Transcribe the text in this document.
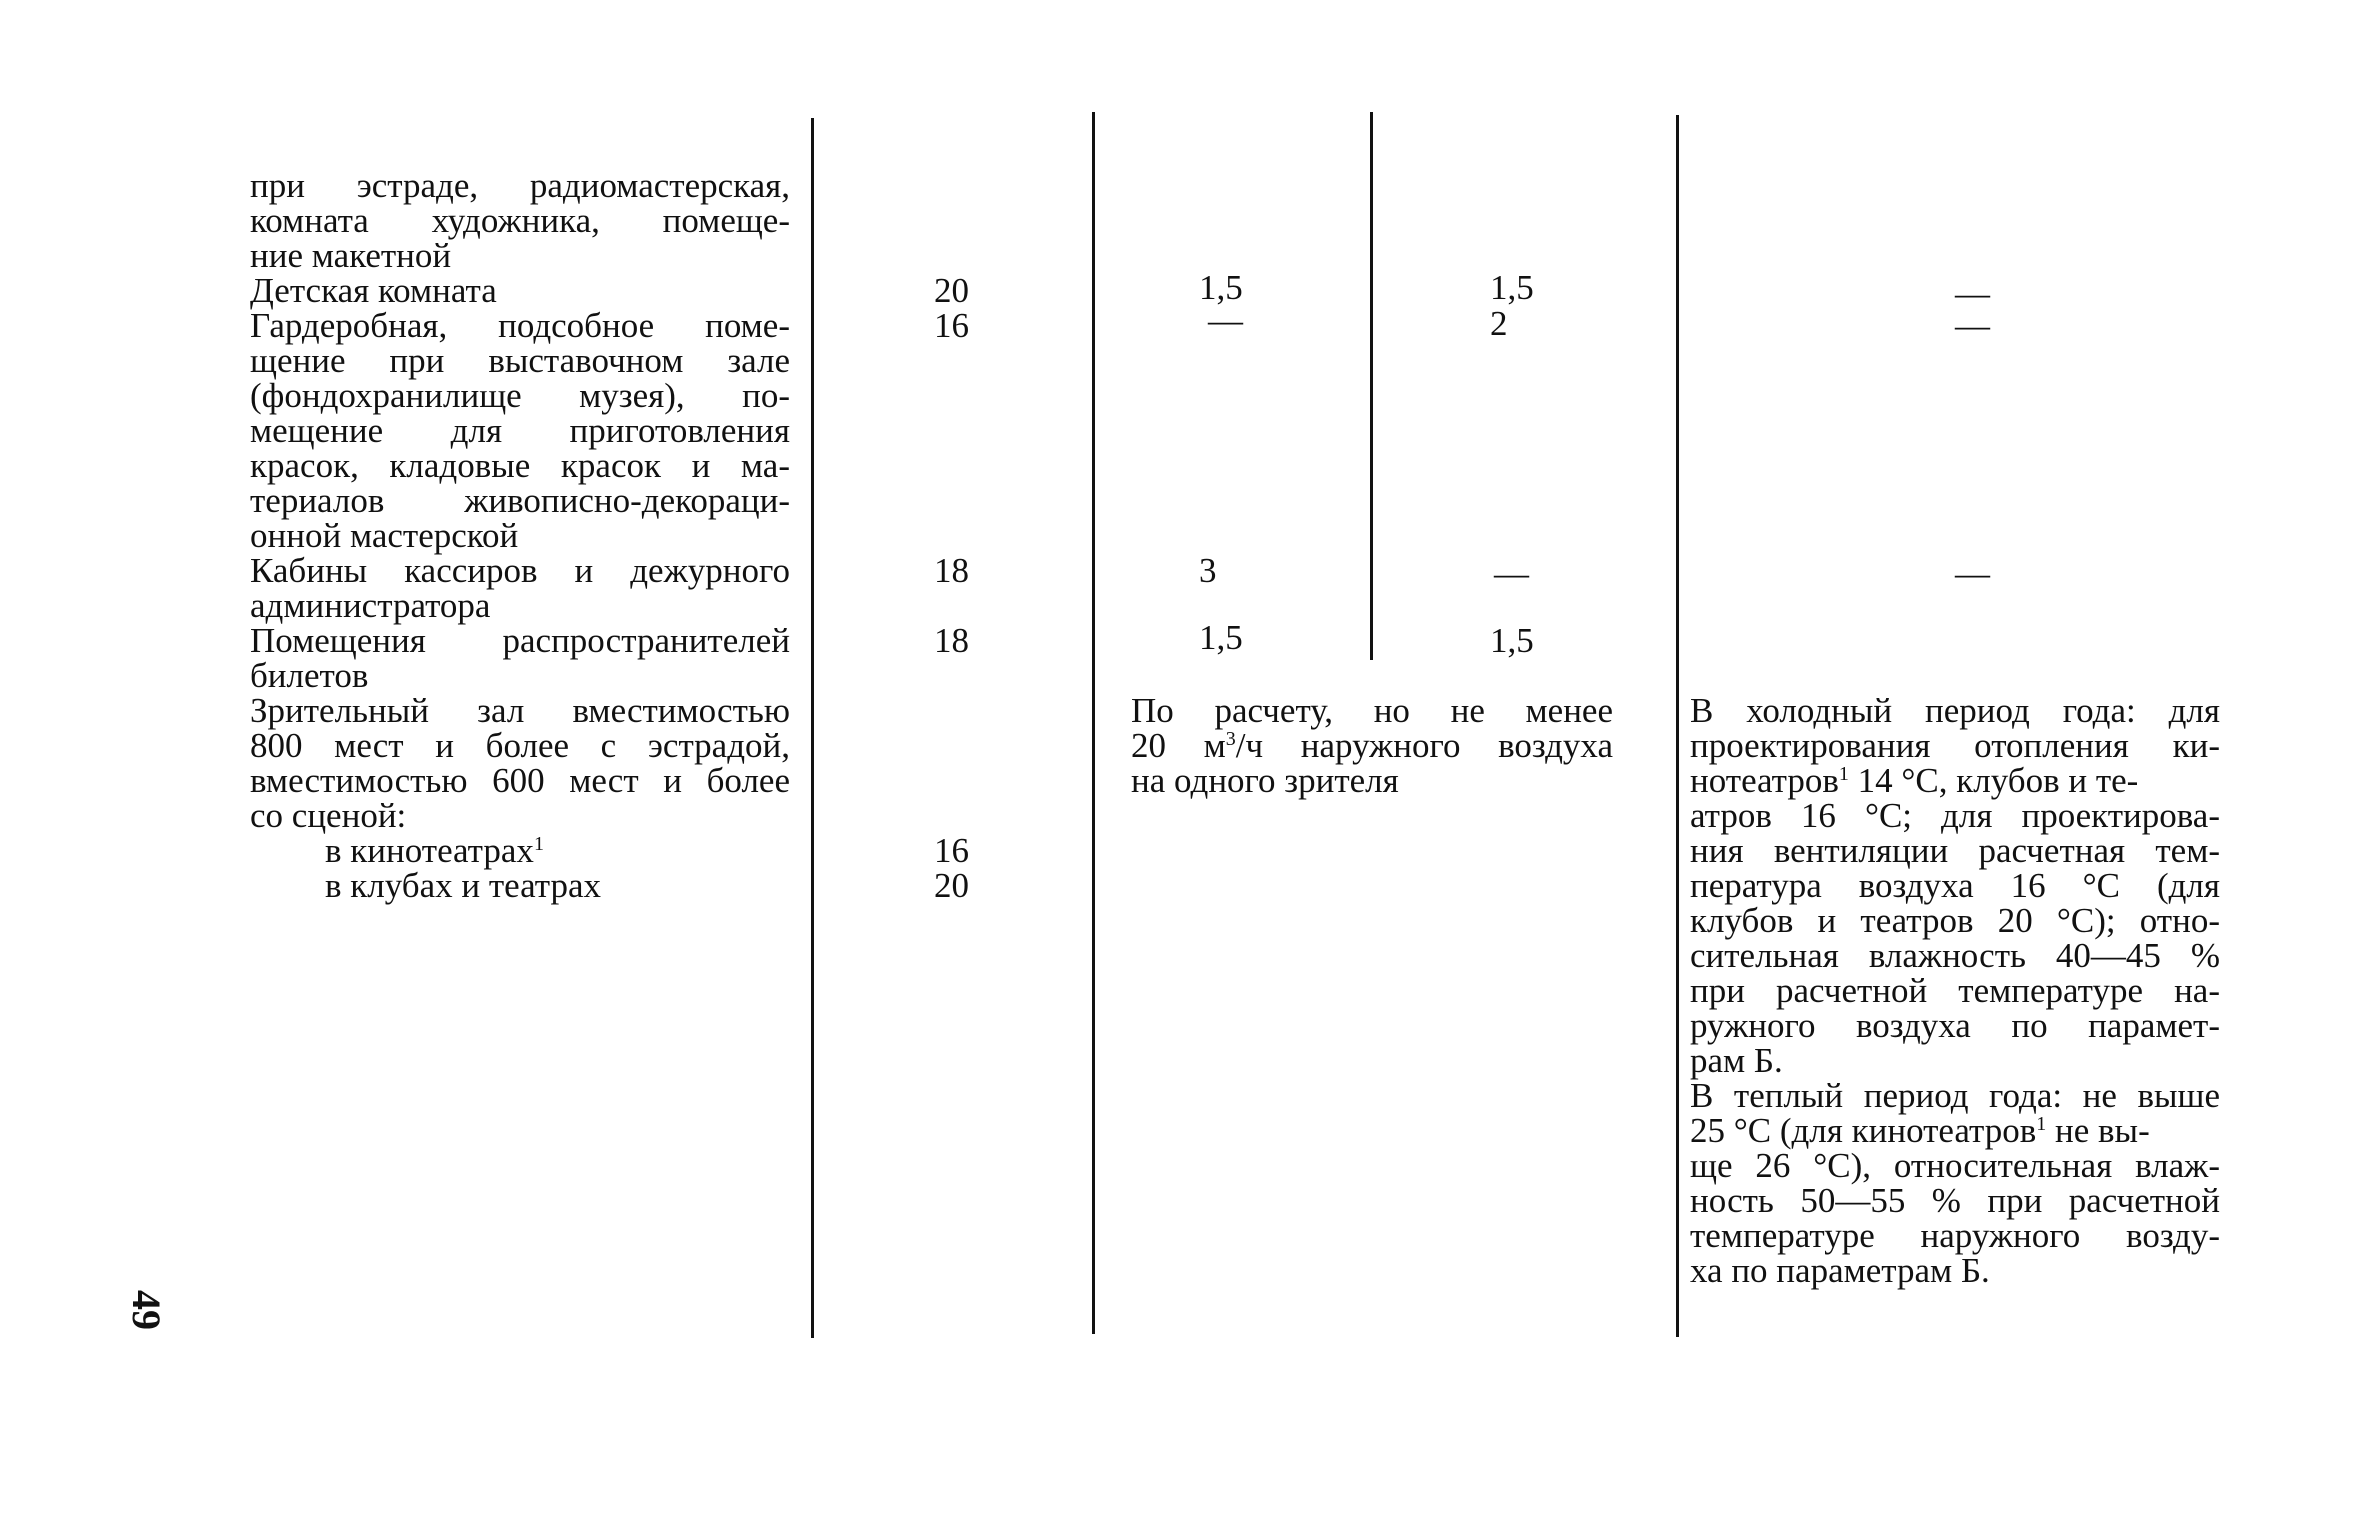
49
при эстраде, радиомастерская,
комната художника, помеще-
ние макетной
Детская комната
Гардеробная, подсобное поме-
щение при выставочном зале
(фондохранилище музея), по-
мещение для приготовления
красок, кладовые красок и ма-
териалов живописно-декораци-
онной мастерской
Кабины кассиров и дежурного
администратора
Помещения распространителей
билетов
Зрительный зал вместимостью
800 мест и более с эстрадой,
вместимостью 600 мест и более
со сценой:
в кинотеатрах$^1$
в клубах и театрах
20
16
18
18
16
20
1,5
—
3
1,5
1,5
2
—
1,5
—
—
—
По расчету, но не менее
20 $м^3/ч$ наружного воздуха
на одного зрителя
В холодный период года: для
проектирования отопления ки-
нотеатров$^1$ 14 °С, клубов и те-
атров 16 °С; для проектирова-
ния вентиляции расчетная тем-
пература воздуха 16 °С (для
клубов и театров 20 °С); отно-
сительная влажность 40—45 %
при расчетной температуре на-
ружного воздуха по парамет-
рам Б.
В теплый период года: не выше
25 °С (для кинотеатров$^1$ не вы-
ще 26 °С), относительная влаж-
ность 50—55 % при расчетной
температуре наружного возду-
ха по параметрам Б.
